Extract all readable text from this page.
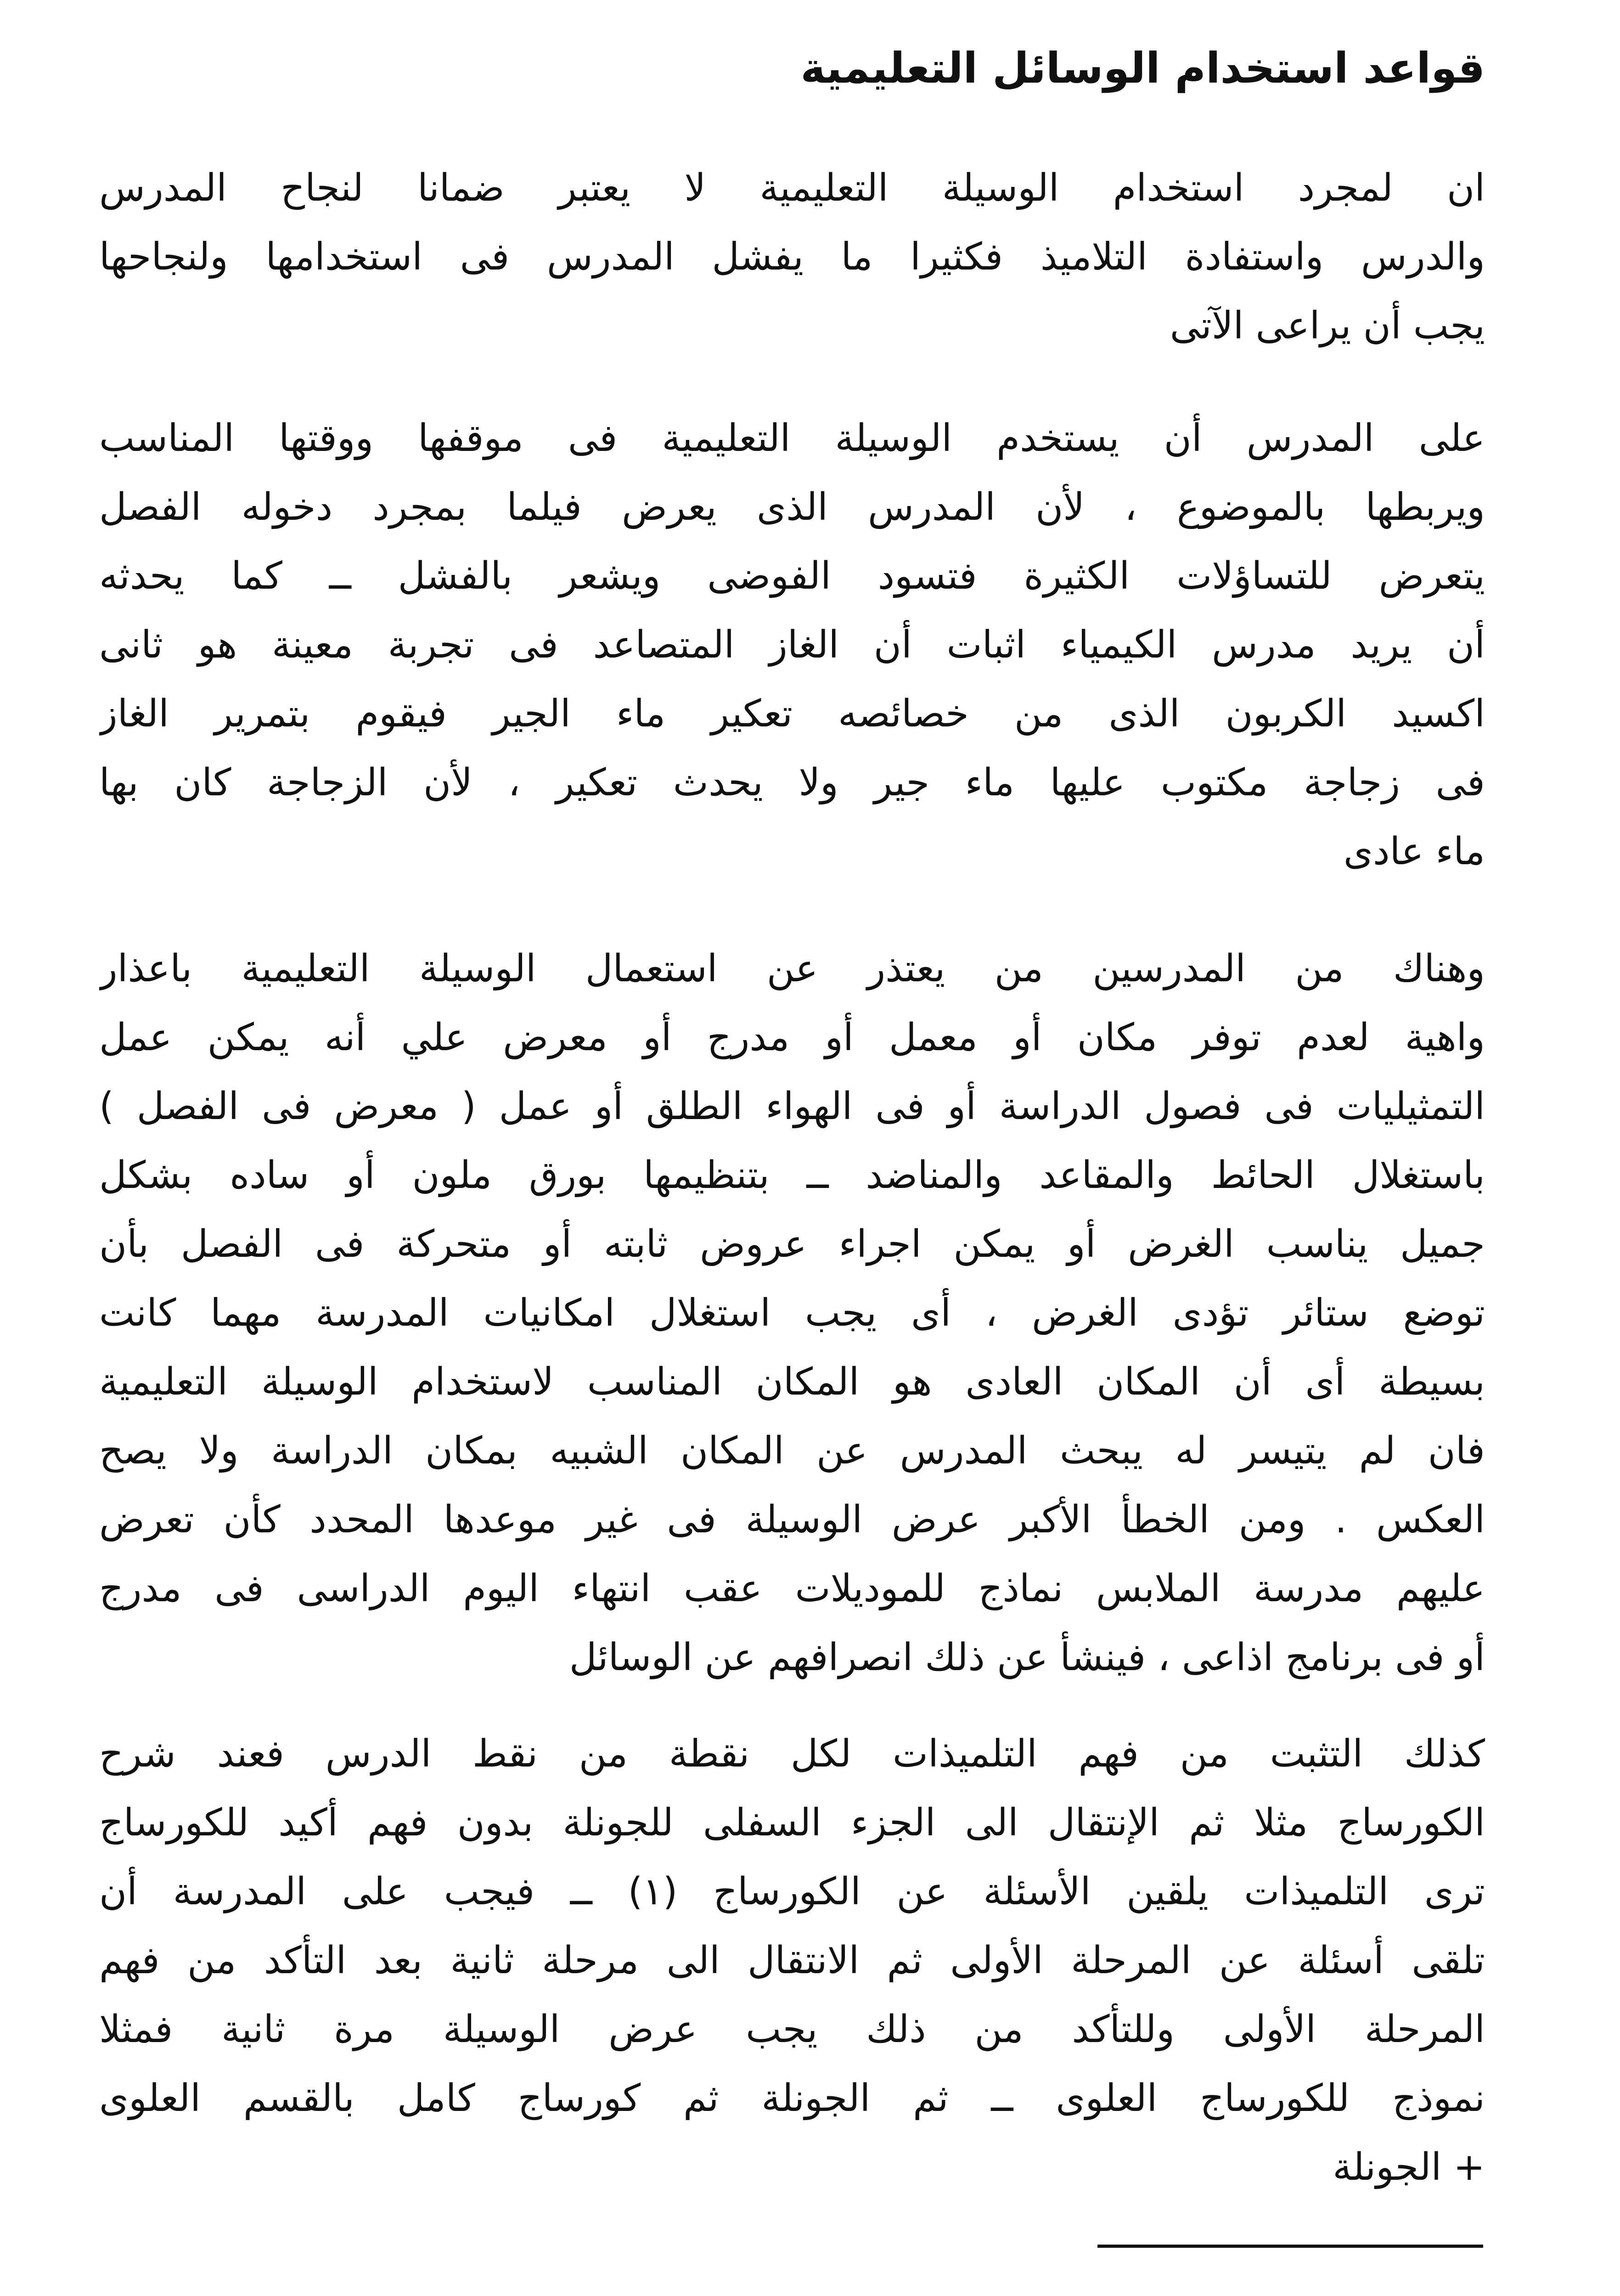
قواعد استخدام الوسائل التعليمية
ان لمجرد استخدام الوسيلة التعليمية لا يعتبر ضمانا لنجاح المدرس
والدرس واستفادة التلاميذ فكثيرا ما يفشل المدرس فى استخدامها ولنجاحها
يجب أن يراعى الآتى
على المدرس أن يستخدم الوسيلة التعليمية فى موقفها ووقتها المناسب
ويربطها بالموضوع ، لأن المدرس الذى يعرض فيلما بمجرد دخوله الفصل
يتعرض للتساؤلات الكثيرة فتسود الفوضى ويشعر بالفشل ــ كما يحدثه
أن يريد مدرس الكيمياء اثبات أن الغاز المتصاعد فى تجربة معينة هو ثانى
اكسيد الكربون الذى من خصائصه تعكير ماء الجير فيقوم بتمرير الغاز
فى زجاجة مكتوب عليها ماء جير ولا يحدث تعكير ، لأن الزجاجة كان بها
ماء عادى
وهناك من المدرسين من يعتذر عن استعمال الوسيلة التعليمية باعذار
واهية لعدم توفر مكان أو معمل أو مدرج أو معرض علي أنه يمكن عمل
التمثيليات فى فصول الدراسة أو فى الهواء الطلق أو عمل ( معرض فى الفصل )
باستغلال الحائط والمقاعد والمناضد ــ بتنظيمها بورق ملون أو ساده بشكل
جميل يناسب الغرض أو يمكن اجراء عروض ثابته أو متحركة فى الفصل بأن
توضع ستائر تؤدى الغرض ، أى يجب استغلال امكانيات المدرسة مهما كانت
بسيطة أى أن المكان العادى هو المكان المناسب لاستخدام الوسيلة التعليمية
فان لم يتيسر له يبحث المدرس عن المكان الشبيه بمكان الدراسة ولا يصح
العكس . ومن الخطأ الأكبر عرض الوسيلة فى غير موعدها المحدد كأن تعرض
عليهم مدرسة الملابس نماذج للموديلات عقب انتهاء اليوم الدراسى فى مدرج
أو فى برنامج اذاعى ، فينشأ عن ذلك انصرافهم عن الوسائل
كذلك التثبت من فهم التلميذات لكل نقطة من نقط الدرس فعند شرح
الكورساج مثلا ثم الإنتقال الى الجزء السفلى للجونلة بدون فهم أكيد للكورساج
ترى التلميذات يلقين الأسئلة عن الكورساج (١) ــ فيجب على المدرسة أن
تلقى أسئلة عن المرحلة الأولى ثم الانتقال الى مرحلة ثانية بعد التأكد من فهم
المرحلة الأولى وللتأكد من ذلك يجب عرض الوسيلة مرة ثانية فمثلا
نموذج للكورساج العلوى ــ ثم الجونلة ثم كورساج كامل بالقسم العلوى
+ الجونلة
